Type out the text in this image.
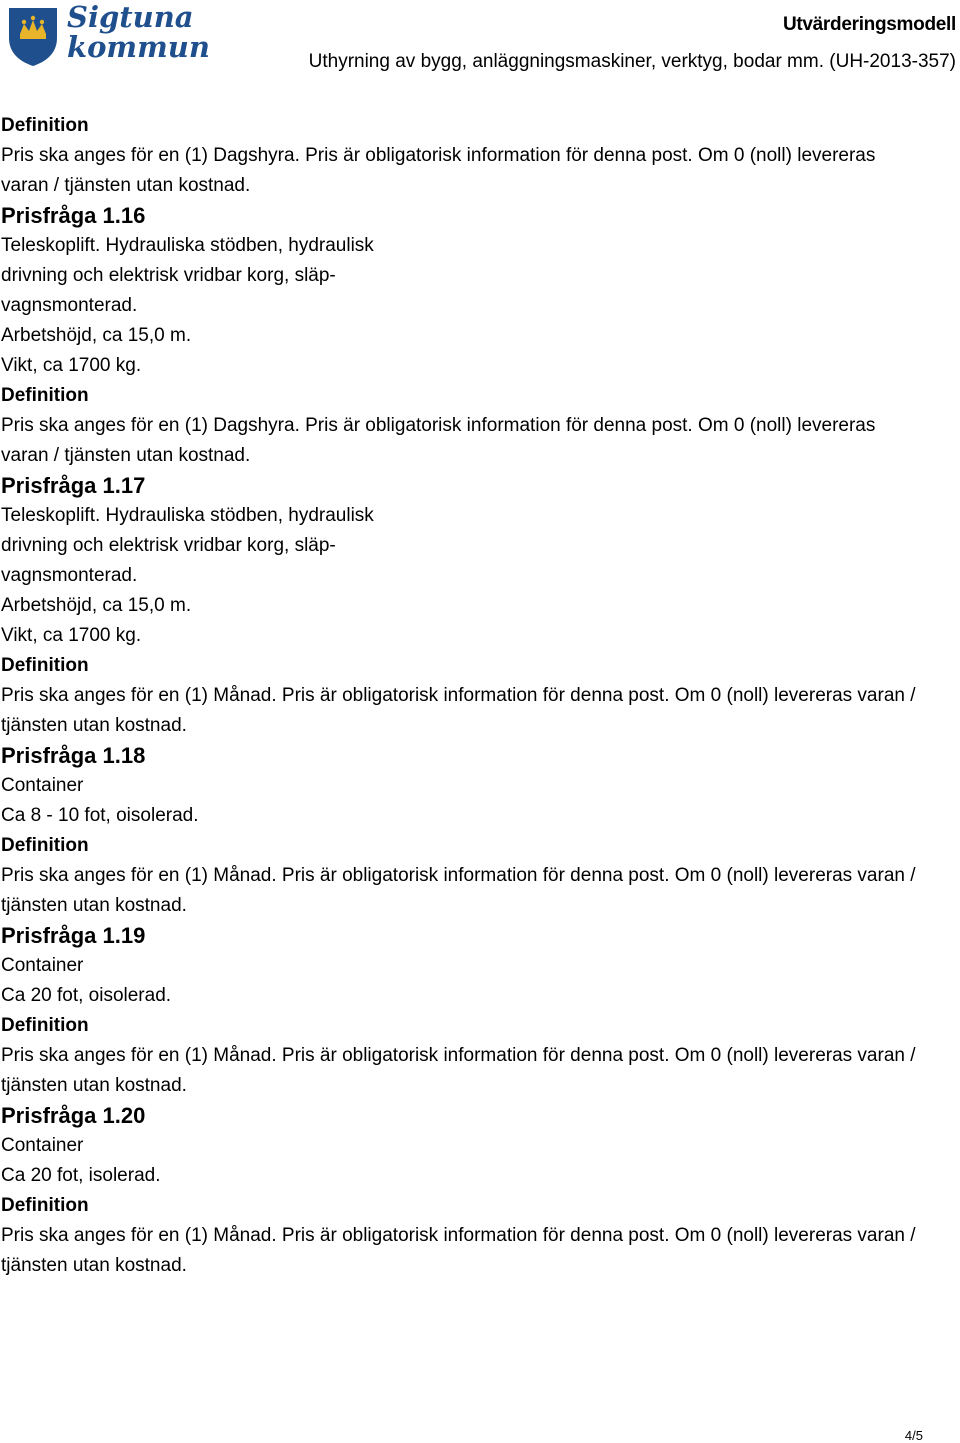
Sigtuna
kommun
Utvärderingsmodell
Uthyrning av bygg, anläggningsmaskiner, verktyg, bodar mm. (UH-2013-357)

Definition

Pris ska anges för en (1) Dagshyra. Pris är obligatorisk information för denna post. Om 0 (noll) levereras

varan / tjänsten utan kostnad.

Prisfråga 1.16

Teleskoplift. Hydrauliska stödben, hydraulisk

drivning och elektrisk vridbar korg, släp-

vagnsmonterad.

Arbetshöjd, ca 15,0 m.

Vikt, ca 1700 kg.

Definition

Pris ska anges för en (1) Dagshyra. Pris är obligatorisk information för denna post. Om 0 (noll) levereras

varan / tjänsten utan kostnad.

Prisfråga 1.17

Teleskoplift. Hydrauliska stödben, hydraulisk

drivning och elektrisk vridbar korg, släp-

vagnsmonterad.

Arbetshöjd, ca 15,0 m.

Vikt, ca 1700 kg.

Definition

Pris ska anges för en (1) Månad. Pris är obligatorisk information för denna post. Om 0 (noll) levereras varan /

tjänsten utan kostnad.

Prisfråga 1.18

Container

Ca 8 - 10 fot, oisolerad.

Definition

Pris ska anges för en (1) Månad. Pris är obligatorisk information för denna post. Om 0 (noll) levereras varan /

tjänsten utan kostnad.

Prisfråga 1.19

Container

Ca 20 fot, oisolerad.

Definition

Pris ska anges för en (1) Månad. Pris är obligatorisk information för denna post. Om 0 (noll) levereras varan /

tjänsten utan kostnad.

Prisfråga 1.20

Container

Ca 20 fot, isolerad.

Definition

Pris ska anges för en (1) Månad. Pris är obligatorisk information för denna post. Om 0 (noll) levereras varan /

tjänsten utan kostnad.

4/5
